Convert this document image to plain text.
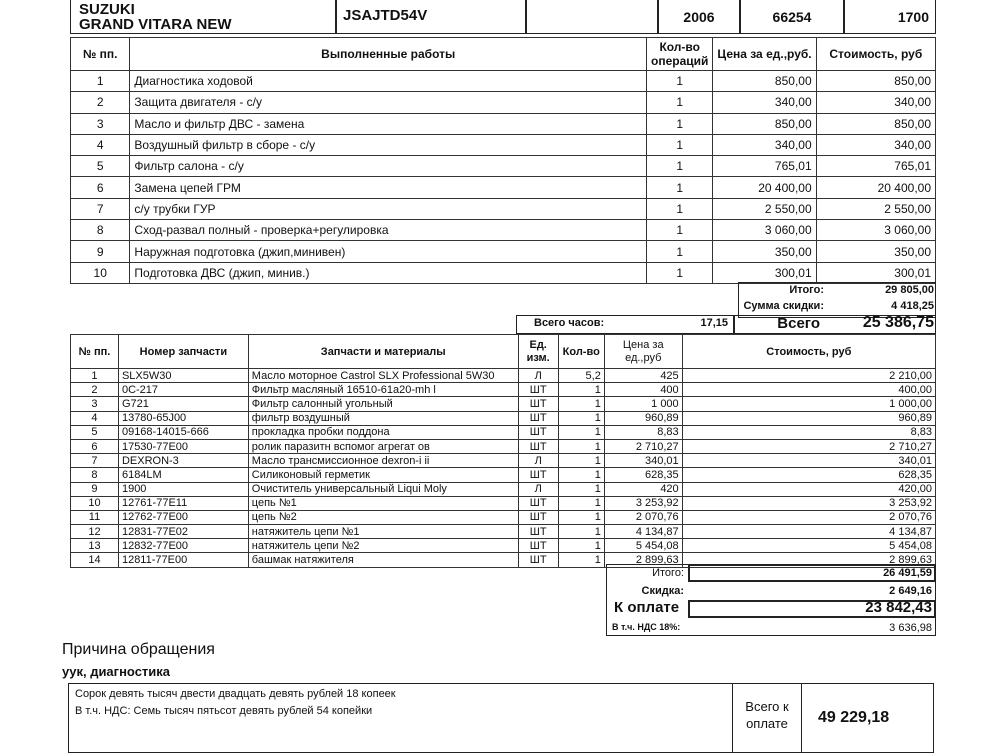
SUZUKI
GRAND VITARA NEW
JSAJTD54V	2006	66254	1700
№ пп.	Выполненные работы	Кол-во операций	Цена за ед.,руб.	Стоимость, руб
1	Диагностика ходовой	1	850,00	850,00
2	Защита двигателя - с/у	1	340,00	340,00
3	Масло и фильтр ДВС - замена	1	850,00	850,00
4	Воздушный фильтр в сборе - с/у	1	340,00	340,00
5	Фильтр салона - с/у	1	765,01	765,01
6	Замена цепей ГРМ	1	20 400,00	20 400,00
7	с/у трубки ГУР	1	2 550,00	2 550,00
8	Сход-развал полный - проверка+регулировка	1	3 060,00	3 060,00
9	Наружная подготовка (джип,минивен)	1	350,00	350,00
10	Подготовка ДВС (джип, минив.)	1	300,01	300,01
Итого:	29 805,00
Сумма скидки:	4 418,25
Всего часов:	17,15	Всего	25 386,75
№ пп.	Номер запчасти	Запчасти и материалы	Ед. изм.	Кол-во	Цена за ед.,руб	Стоимость, руб
1	SLX5W30	Масло моторное Castrol SLX Professional 5W30	Л	5,2	425	2 210,00
2	0C-217	Фильтр масляный 16510-61a20-mh l	ШТ	1	400	400,00
3	G721	Фильтр салонный угольный	ШТ	1	1 000	1 000,00
4	13780-65J00	фильтр воздушный	ШТ	1	960,89	960,89
5	09168-14015-666	прокладка пробки поддона	ШТ	1	8,83	8,83
6	17530-77E00	ролик паразитн вспомог агрегат ов	ШТ	1	2 710,27	2 710,27
7	DEXRON-3	Масло трансмиссионное dexron-i ii	Л	1	340,01	340,01
8	6184LM	Силиконовый герметик	ШТ	1	628,35	628,35
9	1900	Очиститель универсальный Liqui Moly	Л	1	420	420,00
10	12761-77E11	цепь №1	ШТ	1	3 253,92	3 253,92
11	12762-77E00	цепь №2	ШТ	1	2 070,76	2 070,76
12	12831-77E02	натяжитель цепи №1	ШТ	1	4 134,87	4 134,87
13	12832-77E00	натяжитель цепи №2	ШТ	1	5 454,08	5 454,08
14	12811-77E00	башмак натяжителя	ШТ	1	2 899,63	2 899,63
Итого:	26 491,59
Скидка:	2 649,16
К оплате	23 842,43
В т.ч. НДС 18%:	3 636,98
Причина обращения
уук, диагностика
Сорок девять тысяч двести двадцать девять рублей 18 копеек
В т.ч. НДС: Семь тысяч пятьсот девять рублей 54 копейки	Всего к
оплате	49 229,18
